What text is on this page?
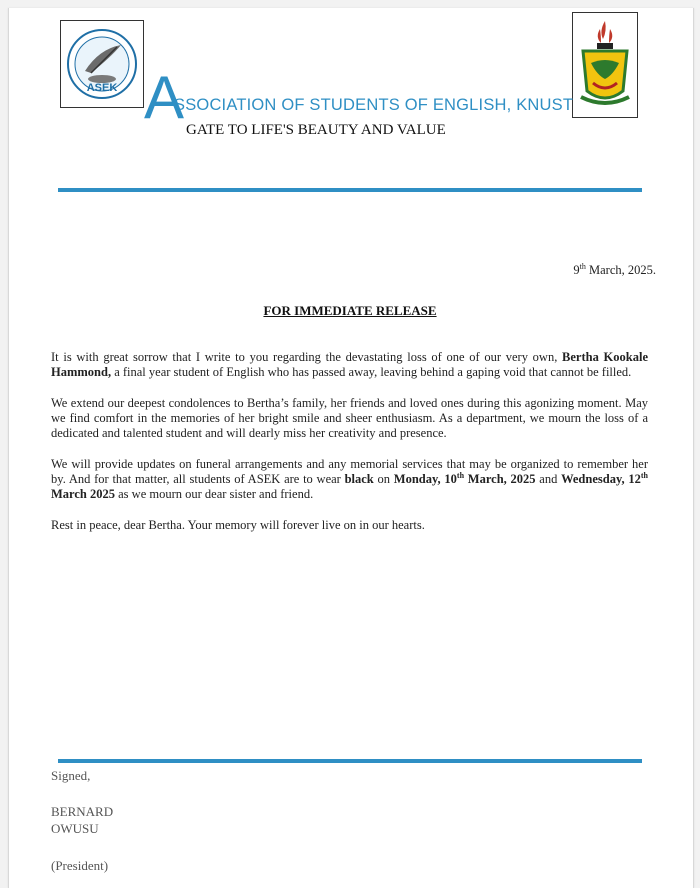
ASEK A
SSOCIATION OF STUDENTS OF ENGLISH, KNUST
GATE TO LIFE'S BEAUTY AND VALUE
9th March, 2025.
FOR IMMEDIATE RELEASE

It is with great sorrow that I write to you regarding the devastating loss of one of our very own, Bertha Kookale Hammond, a final year student of English who has passed away, leaving behind a gaping void that cannot be filled.

We extend our deepest condolences to Bertha’s family, her friends and loved ones during this agonizing moment. May we find comfort in the memories of her bright smile and sheer enthusiasm. As a department, we mourn the loss of a dedicated and talented student and will dearly miss her creativity and presence.

We will provide updates on funeral arrangements and any memorial services that may be organized to remember her by. And for that matter, all students of ASEK are to wear black on Monday, 10th March, 2025 and Wednesday, 12th March 2025 as we mourn our dear sister and friend.

Rest in peace, dear Bertha. Your memory will forever live on in our hearts.

Signed,
BERNARD
OWUSU
(President)
